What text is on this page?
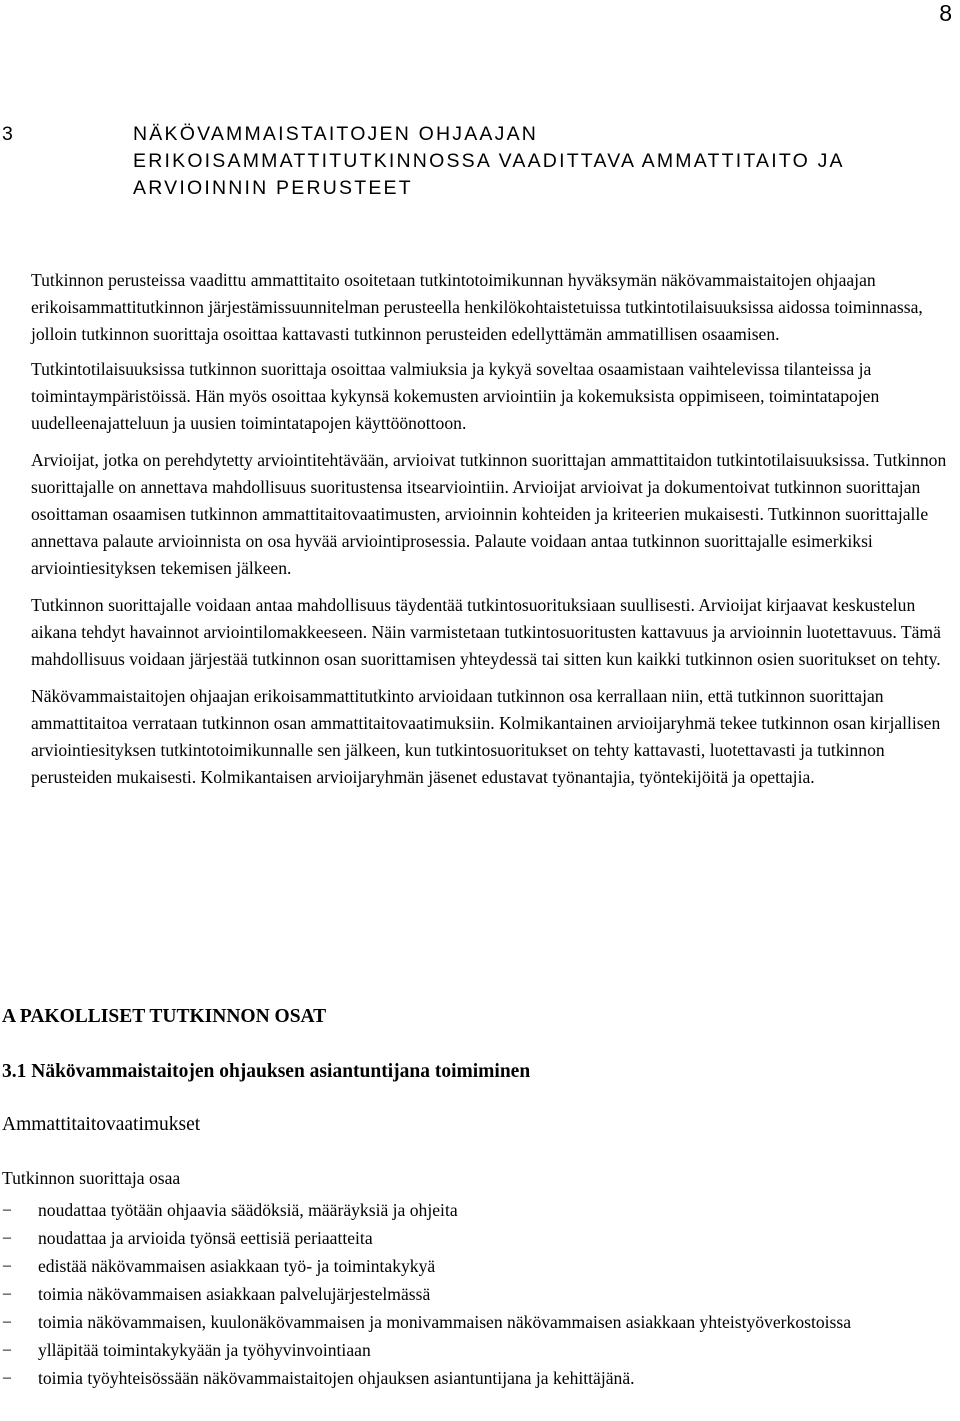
8
3	NÄKÖVAMMAISTAITOJEN OHJAAJAN
ERIKOISAMMATTITUTKINNOSSA VAADITTAVA AMMATTITAITO JA
ARVIOINNIN PERUSTEET

Tutkinnon perusteissa vaadittu ammattitaito osoitetaan tutkintotoimikunnan hyväksymän näkövammaistaitojen ohjaajan erikoisammattitutkinnon järjestämissuunnitelman perusteella henkilökohtaistetuissa tutkintotilaisuuksissa aidossa toiminnassa, jolloin tutkinnon suorittaja osoittaa kattavasti tutkinnon perusteiden edellyttämän ammatillisen osaamisen.

Tutkintotilaisuuksissa tutkinnon suorittaja osoittaa valmiuksia ja kykyä soveltaa osaamistaan vaihtelevissa tilanteissa ja toimintaympäristöissä. Hän myös osoittaa kykynsä kokemusten arviointiin ja kokemuksista oppimiseen, toimintatapojen uudelleenajatteluun ja uusien toimintatapojen käyttöönottoon.

Arvioijat, jotka on perehdytetty arviointitehtävään, arvioivat tutkinnon suorittajan ammattitaidon tutkintotilaisuuksissa. Tutkinnon suorittajalle on annettava mahdollisuus suoritustensa itsearviointiin. Arvioijat arvioivat ja dokumentoivat tutkinnon suorittajan osoittaman osaamisen tutkinnon ammattitaitovaatimusten, arvioinnin kohteiden ja kriteerien mukaisesti. Tutkinnon suorittajalle annettava palaute arvioinnista on osa hyvää arviointiprosessia. Palaute voidaan antaa tutkinnon suorittajalle esimerkiksi arviointiesityksen tekemisen jälkeen.

Tutkinnon suorittajalle voidaan antaa mahdollisuus täydentää tutkintosuorituksiaan suullisesti. Arvioijat kirjaavat keskustelun aikana tehdyt havainnot arviointilomakkeeseen. Näin varmistetaan tutkintosuoritusten kattavuus ja arvioinnin luotettavuus. Tämä mahdollisuus voidaan järjestää tutkinnon osan suorittamisen yhteydessä tai sitten kun kaikki tutkinnon osien suoritukset on tehty.

Näkövammaistaitojen ohjaajan erikoisammattitutkinto arvioidaan tutkinnon osa kerrallaan niin, että tutkinnon suorittajan ammattitaitoa verrataan tutkinnon osan ammattitaitovaatimuksiin. Kolmikantainen arvioijaryhmä tekee tutkinnon osan kirjallisen arviointiesityksen tutkintotoimikunnalle sen jälkeen, kun tutkintosuoritukset on tehty kattavasti, luotettavasti ja tutkinnon perusteiden mukaisesti. Kolmikantaisen arvioijaryhmän jäsenet edustavat työnantajia, työntekijöitä ja opettajia.

A PAKOLLISET TUTKINNON OSAT
3.1 Näkövammaistaitojen ohjauksen asiantuntijana toimiminen
Ammattitaitovaatimukset
Tutkinnon suorittaja osaa
− noudattaa työtään ohjaavia säädöksiä, määräyksiä ja ohjeita
− noudattaa ja arvioida työnsä eettisiä periaatteita
− edistää näkövammaisen asiakkaan työ- ja toimintakykyä
− toimia näkövammaisen asiakkaan palvelujärjestelmässä
− toimia näkövammaisen, kuulonäkövammaisen ja monivammaisen näkövammaisen asiakkaan yhteistyöverkostoissa
− ylläpitää toimintakykyään ja työhyvinvointiaan
− toimia työyhteisössään näkövammaistaitojen ohjauksen asiantuntijana ja kehittäjänä.
